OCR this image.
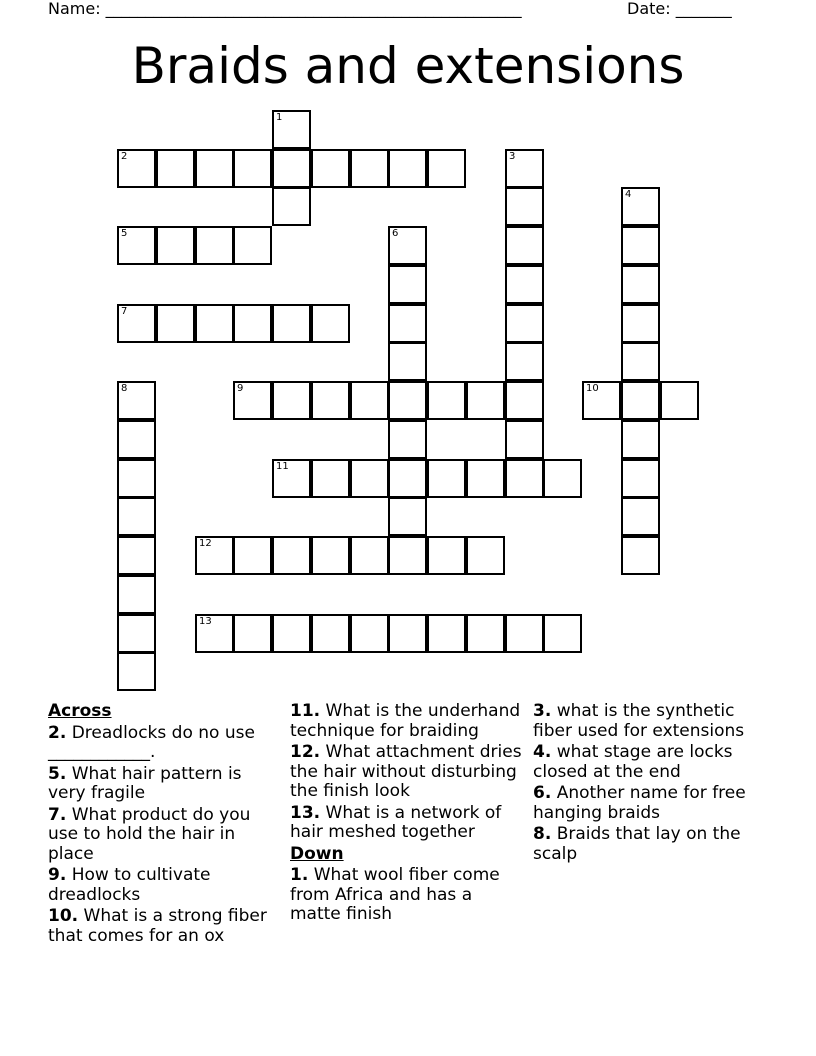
Name: ____________________________________________________	Date: _______
Braids and extensions
1
2	3
4
5	6
7
8	9	10
11
12
13
Across
2. Dreadlocks do no use ____________.
5. What hair pattern is very fragile
7. What product do you use to hold the hair in place
9. How to cultivate dreadlocks
10. What is a strong fiber that comes for an ox
11. What is the underhand technique for braiding
12. What attachment dries the hair without disturbing the finish look
13. What is a network of hair meshed together
Down
1. What wool fiber come from Africa and has a matte finish
3. what is the synthetic fiber used for extensions
4. what stage are locks closed at the end
6. Another name for free hanging braids
8. Braids that lay on the scalp
